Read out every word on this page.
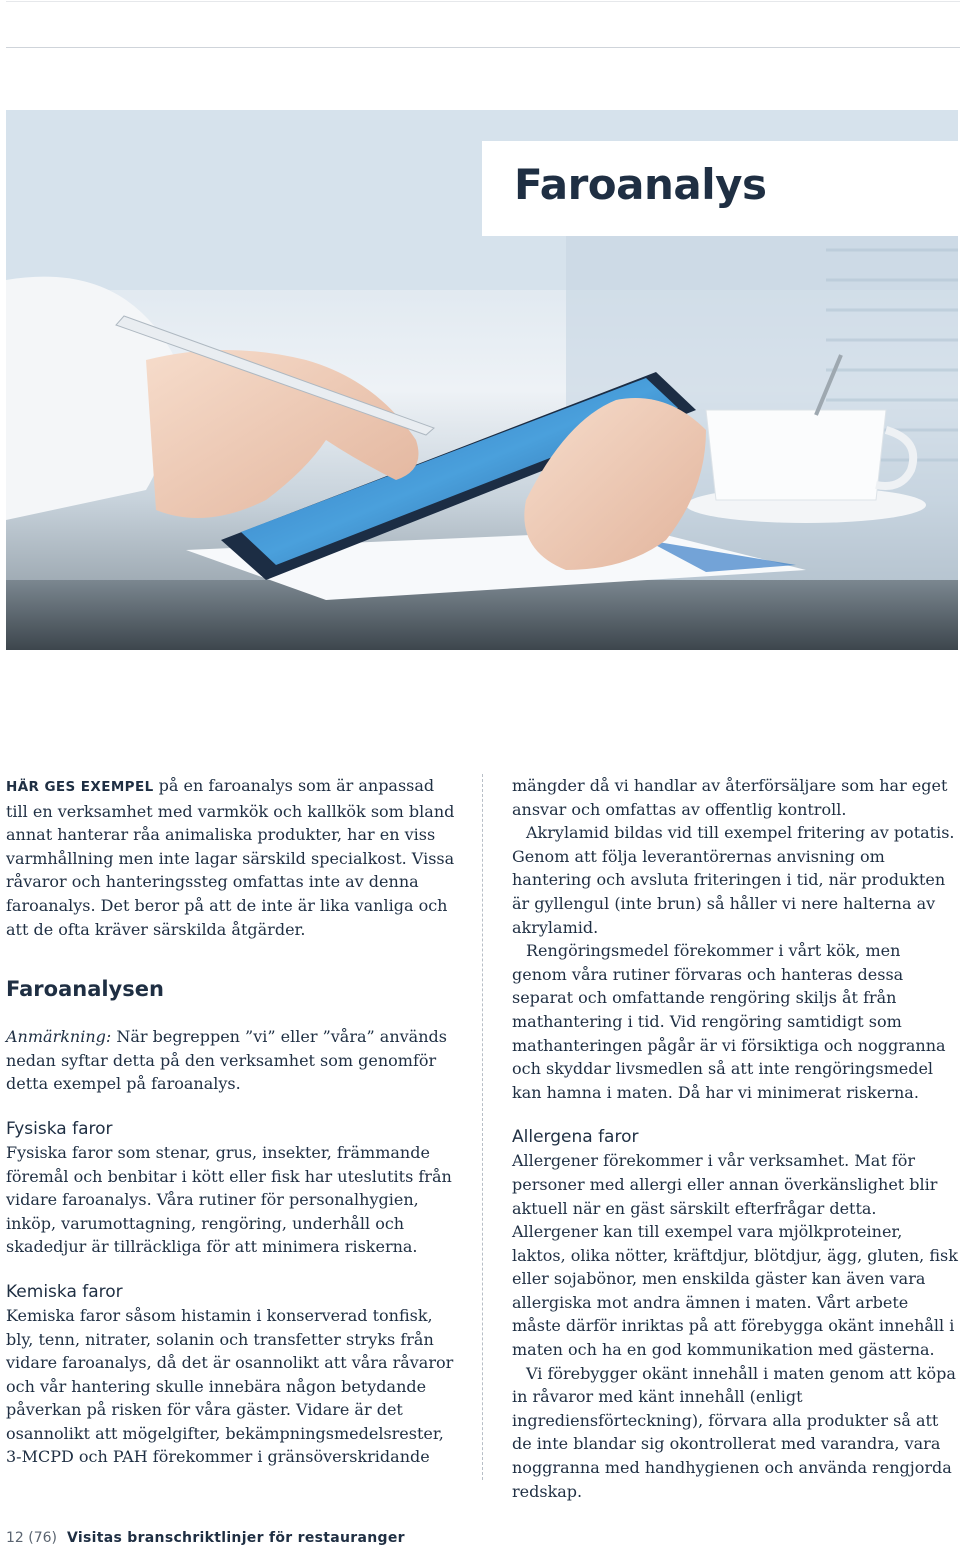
Faroanalys

HÄR GES EXEMPEL på en faroanalys som är anpassad till en verksamhet med varmkök och kallkök som bland annat hanterar råa animaliska produkter, har en viss varmhållning men inte lagar särskild specialkost. Vissa råvaror och hanteringssteg omfattas inte av denna faroanalys. Det beror på att de inte är lika vanliga och att de ofta kräver särskilda åtgärder.

Faroanalysen

Anmärkning: När begreppen ”vi” eller ”våra” används nedan syftar detta på den verksamhet som genomför detta exempel på faroanalys.

Fysiska faror

Fysiska faror som stenar, grus, insekter, främmande föremål och benbitar i kött eller fisk har uteslutits från vidare faroanalys. Våra rutiner för personalhygien, inköp, varumottagning, rengöring, underhåll och skadedjur är tillräckliga för att minimera riskerna.

Kemiska faror

Kemiska faror såsom histamin i konserverad tonfisk, bly, tenn, nitrater, solanin och transfetter stryks från vidare faroanalys, då det är osannolikt att våra råvaror och vår hantering skulle innebära någon betydande påverkan på risken för våra gäster. Vidare är det osannolikt att mögelgifter, bekämpningsmedelsrester, 3-MCPD och PAH förekommer i gränsöverskridande

mängder då vi handlar av återförsäljare som har eget ansvar och omfattas av offentlig kontroll.

Akrylamid bildas vid till exempel fritering av potatis. Genom att följa leverantörernas anvisning om hantering och avsluta friteringen i tid, när produkten är gyllengul (inte brun) så håller vi nere halterna av akrylamid.

Rengöringsmedel förekommer i vårt kök, men genom våra rutiner förvaras och hanteras dessa separat och omfattande rengöring skiljs åt från mathantering i tid. Vid rengöring samtidigt som mathanteringen pågår är vi försiktiga och noggranna och skyddar livsmedlen så att inte rengöringsmedel kan hamna i maten. Då har vi minimerat riskerna.

Allergena faror

Allergener förekommer i vår verksamhet. Mat för personer med allergi eller annan överkänslighet blir aktuell när en gäst särskilt efterfrågar detta. Allergener kan till exempel vara mjölkproteiner, laktos, olika nötter, kräftdjur, blötdjur, ägg, gluten, fisk eller sojabönor, men enskilda gäster kan även vara allergiska mot andra ämnen i maten. Vårt arbete måste därför inriktas på att förebygga okänt innehåll i maten och ha en god kommunikation med gästerna.

Vi förebygger okänt innehåll i maten genom att köpa in råvaror med känt innehåll (enligt ingrediensförteckning), förvara alla produkter så att de inte blandar sig okontrollerat med varandra, vara noggranna med handhygienen och använda rengjorda redskap.

12 (76) Visitas branschriktlinjer för restauranger
